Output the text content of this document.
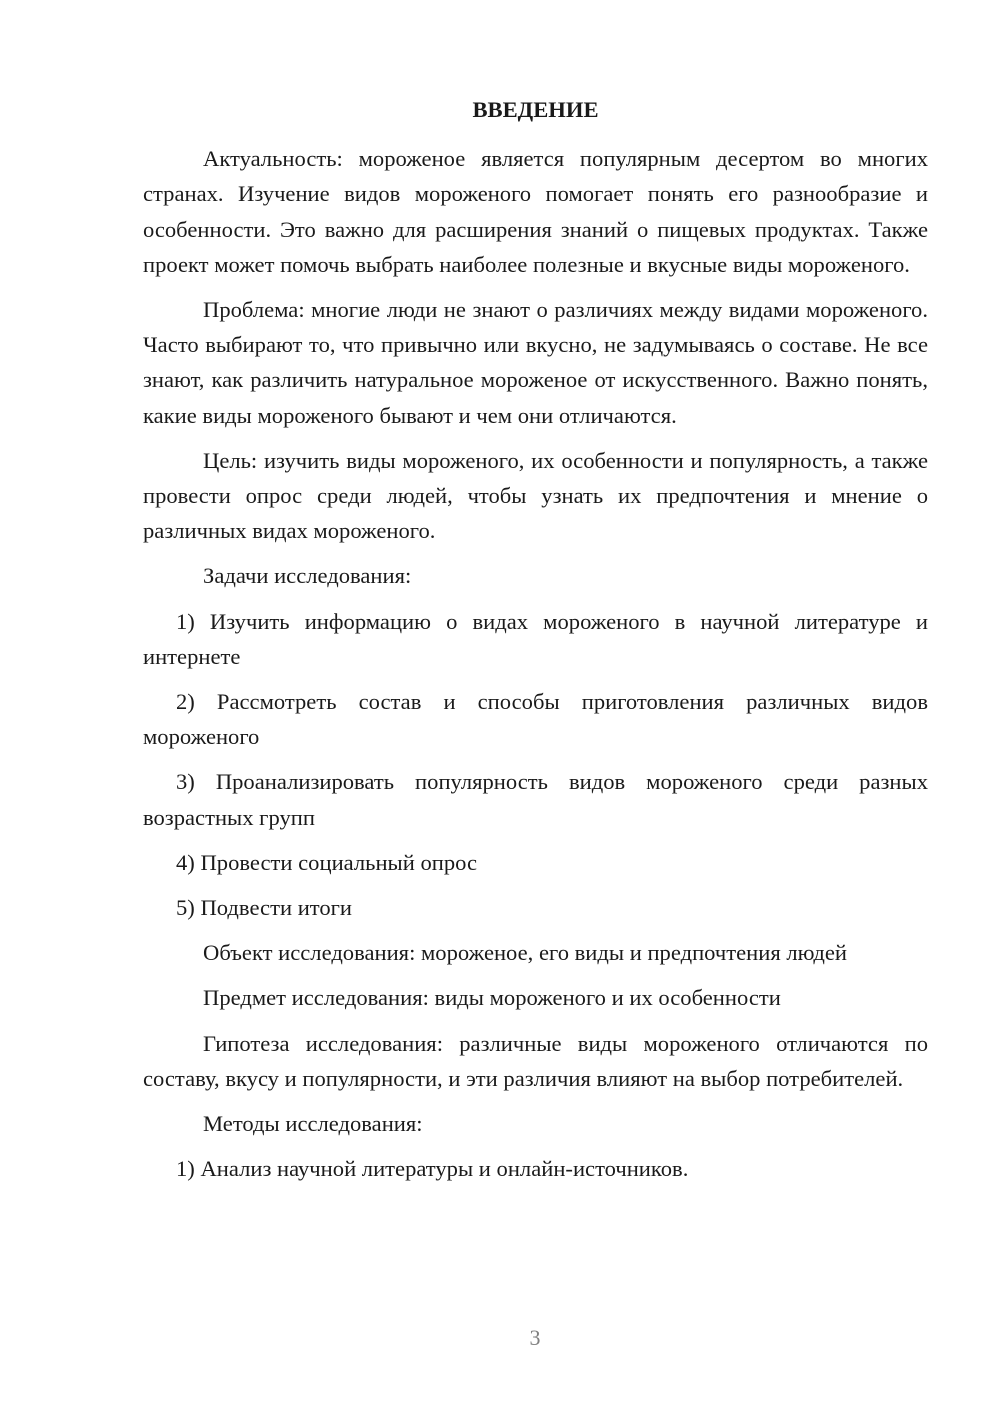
ВВЕДЕНИЕ

Актуальность: мороженое является популярным десертом во многих странах. Изучение видов мороженого помогает понять его разнообразие и особенности. Это важно для расширения знаний о пищевых продуктах. Также проект может помочь выбрать наиболее полезные и вкусные виды мороженого.

Проблема: многие люди не знают о различиях между видами мороженого. Часто выбирают то, что привычно или вкусно, не задумываясь о составе. Не все знают, как различить натуральное мороженое от искусственного. Важно понять, какие виды мороженого бывают и чем они отличаются.

Цель: изучить виды мороженого, их особенности и популярность, а также провести опрос среди людей, чтобы узнать их предпочтения и мнение о различных видах мороженого.

Задачи исследования:

1) Изучить информацию о видах мороженого в научной литературе и интернете

2) Рассмотреть состав и способы приготовления различных видов мороженого

3) Проанализировать популярность видов мороженого среди разных возрастных групп

4) Провести социальный опрос

5) Подвести итоги

Объект исследования: мороженое, его виды и предпочтения людей

Предмет исследования: виды мороженого и их особенности

Гипотеза исследования: различные виды мороженого отличаются по составу, вкусу и популярности, и эти различия влияют на выбор потребителей.

Методы исследования:

1) Анализ научной литературы и онлайн-источников.

3
